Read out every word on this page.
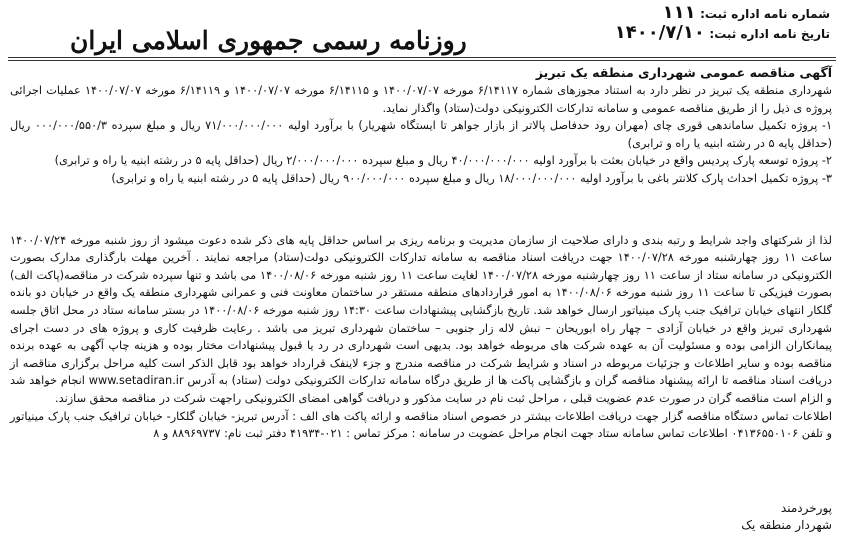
شماره نامه اداره ثبت: ۱۱۱
تاریخ نامه اداره ثبت: ۱۴۰۰/۷/۱۰
روزنامه رسمی جمهوری اسلامی ایران

آگهی مناقصه عمومی شهرداری منطقه یک تبریز

شهرداری منطقه یک تبریز در نظر دارد به استناد مجوزهای شماره ۶/۱۴۱۱۷ مورخه ۱۴۰۰/۰۷/۰۷ و ۶/۱۴۱۱۵ مورخه ۱۴۰۰/۰۷/۰۷ و ۶/۱۴۱۱۹ مورخه ۱۴۰۰/۰۷/۰۷ عملیات اجرائی پروژه ی ذیل را از طریق مناقصه عمومی و سامانه تدارکات الکترونیکی دولت(ستاد) واگذار نماید.

۱- پروژه تکمیل ساماندهی قوری چای (مهران رود حدفاصل پالاتر از بازار جواهر تا ایستگاه شهریار) با برآورد اولیه ۷۱/۰۰۰/۰۰۰/۰۰۰ ریال و مبلغ سپرده ۰۰۰/۰۰۰/۵۵۰/۳ ریال (حداقل پایه ۵ در رشته ابنیه یا راه و ترابری)

۲- پروژه توسعه پارک پردیس واقع در خیابان بعثت با برآورد اولیه ۴۰/۰۰۰/۰۰۰/۰۰۰ ریال و مبلغ سپرده ۲/۰۰۰/۰۰۰/۰۰۰ ریال (حداقل پایه ۵ در رشته ابنیه یا راه و ترابری)

۳- پروژه تکمیل احداث پارک کلانتر باغی با برآورد اولیه ۱۸/۰۰۰/۰۰۰/۰۰۰ ریال و مبلغ سپرده ۹۰۰/۰۰۰/۰۰۰ ریال (حداقل پایه ۵ در رشته ابنیه یا راه و ترابری)

لذا از شرکتهای واجد شرایط و رتبه بندی و دارای صلاحیت از سازمان مدیریت و برنامه ریزی بر اساس حداقل پایه های ذکر شده دعوت میشود از روز شنبه مورخه ۱۴۰۰/۰۷/۲۴ ساعت ۱۱ روز چهارشنبه مورخه ۱۴۰۰/۰۷/۲۸ جهت دریافت اسناد مناقصه به سامانه تدارکات الکترونیکی دولت(ستاد) مراجعه نمایند . آخرین مهلت بارگذاری مدارک بصورت الکترونیکی در سامانه ستاد از ساعت ۱۱ روز چهارشنبه مورخه ۱۴۰۰/۰۷/۲۸ لغایت ساعت ۱۱ روز شنبه مورخه ۱۴۰۰/۰۸/۰۶ می باشد و تنها سپرده شرکت در مناقصه(پاکت الف) بصورت فیزیکی تا ساعت ۱۱ روز شنبه مورخه ۱۴۰۰/۰۸/۰۶ به امور قراردادهای منطقه مستقر در ساختمان معاونت فنی و عمرانی شهرداری منطقه یک واقع در خیابان دو بانده گلکار انتهای خیابان ترافیک جنب پارک مینیاتور ارسال خواهد شد. تاریخ بازگشایی پیشنهادات ساعت ۱۴:۳۰ روز شنبه مورخه ۱۴۰۰/۰۸/۰۶ در بستر سامانه ستاد در محل اتاق جلسه شهرداری تبریز واقع در خیابان آزادی – چهار راه ابوریحان – نبش لاله زار جنوبی – ساختمان شهرداری تبریز می باشد . رعایت ظرفیت کاری و پروژه های در دست اجرای پیمانکاران الزامی بوده و مسئولیت آن به عهده شرکت های مربوطه خواهد بود. بدیهی است شهرداری در رد یا قبول پیشنهادات مختار بوده و هزینه چاپ آگهی به عهده برنده مناقصه بوده و سایر اطلاعات و جزئیات مربوطه در اسناد و شرایط شرکت در مناقصه مندرج و جزء لاینفک قرارداد خواهد بود قابل الذکر است کلیه مراحل برگزاری مناقصه از دریافت اسناد مناقصه تا ارائه پیشنهاد مناقصه گران و بازگشایی پاکت ها از طریق درگاه سامانه تدارکات الکترونیکی دولت (ستاد) به آدرس www.setadiran.ir انجام خواهد شد و الزام است مناقصه گران در صورت عدم عضویت قبلی ، مراحل ثبت نام در سایت مذکور و دریافت گواهی امضای الکترونیکی راجهت شرکت در مناقصه محقق سازند.

اطلاعات تماس دستگاه مناقصه گزار جهت دریافت اطلاعات بیشتر در خصوص اسناد مناقصه و ارائه پاکت های الف : آدرس تبریز- خیابان گلکار- خیابان ترافیک جنب پارک مینیاتور و تلفن ۰۴۱۳۶۵۵۰۱۰۶ اطلاعات تماس سامانه ستاد جهت انجام مراحل عضویت در سامانه : مرکز تماس : ۰۲۱-۴۱۹۳۴ دفتر ثبت نام: ۸۸۹۶۹۷۳۷ و ۸

پورخردمند

شهردار منطقه یک
